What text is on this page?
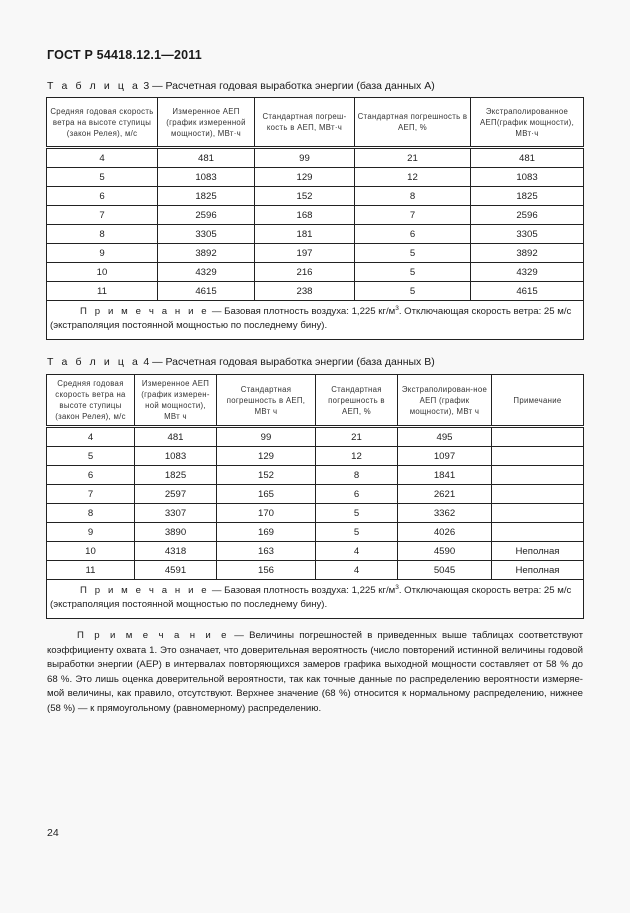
ГОСТ Р 54418.12.1—2011
Т а б л и ц а 3 — Расчетная годовая выработка энергии (база данных А)
Средняя годовая скорость ветра на высоте ступицы (закон Релея), м/с	Измеренное АЕП (график измеренной мощности), МВт·ч	Стандартная погреш-кость в АЕП, МВт·ч	Стандартная погрешность в АЕП, %	Экстраполированное АЕП(график мощности), МВт·ч
4	481	99	21	481
5	1083	129	12	1083
6	1825	152	8	1825
7	2596	168	7	2596
8	3305	181	6	3305
9	3892	197	5	3892
10	4329	216	5	4329
11	4615	238	5	4615
П р и м е ч а н и е — Базовая плотность воздуха: 1,225 $кг/м^3$. Отключающая скорость ветра: 25 м/с (экстраполяция постоянной мощностью по последнему бину).				
Т а б л и ц а 4 — Расчетная годовая выработка энергии (база данных В)
Средняя годовая скорость ветра на высоте ступицы (закон Релея), м/с	Измеренное АЕП (график измерен-ной мощности), МВт ч	Стандартная погрешность в АЕП, МВт ч	Стандартная погрешность в АЕП, %	Экстраполирован-ное АЕП (график мощности), МВт ч	Примечание
4	481	99	21	495	
5	1083	129	12	1097	
6	1825	152	8	1841	
7	2597	165	6	2621	
8	3307	170	5	3362	
9	3890	169	5	4026	
10	4318	163	4	4590	Неполная
11	4591	156	4	5045	Неполная
П р и м е ч а н и е — Базовая плотность воздуха: 1,225 $кг/м^3$. Отключающая скорость ветра: 25 м/с (экстраполяция постоянной мощностью по последнему бину).					
П р и м е ч а н и е — Величины погрешностей в приведенных выше таблицах соответствуют коэффициенту охвата 1. Это означает, что доверительная вероятность (число повторений истинной величины годовой выработки энергии (АЕР) в интервалах повторяющихся замеров графика выходной мощности составляет от 58 % до 68 %. Это лишь оценка доверительной вероятности, так как точные данные по распределению вероятности измеряе-мой величины, как правило, отсутствуют. Верхнее значение (68 %) относится к нормальному распределению, нижнее (58 %) — к прямоугольному (равномерному) распределению.
24
